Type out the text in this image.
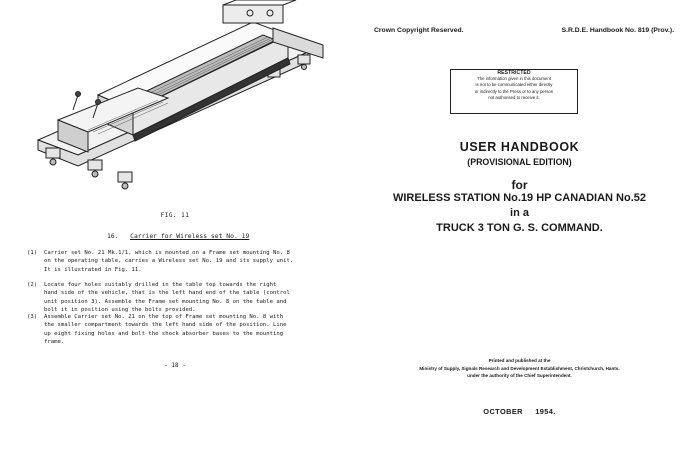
FIG. 11
16. Carrier for Wireless set No. 19
(1) Carrier set No. 21 Mk.1/1, which is mounted on a Frame set mounting No. 8
on the operating table, carries a Wireless set No. 19 and its supply unit.
It is illustrated in Fig. 11.
(2) Locate four holes suitably drilled in the table top towards the right
hand side of the vehicle, that is the left hand end of the table (control
unit position 3). Assemble the Frame set mounting No. 8 on the table and
bolt it in position using the bolts provided.
(3) Assemble Carrier set No. 21 on the top of Frame set mounting No. 8 with
the smaller compartment towards the left hand side of the position. Line
up eight fixing holes and bolt the shock absorber bases to the mounting
frame.
- 18 -
Crown Copyright Reserved.	S.R.D.E. Handbook No. 819 (Prov.).
RESTRICTED
The information given in this document
is not to be communicated either directly
or indirectly to the Press or to any person
not authorised to receive it.
USER HANDBOOK
(PROVISIONAL EDITION)
for
WIRELESS STATION No.19 HP CANADIAN No.52
in a
TRUCK 3 TON G. S. COMMAND.
Printed and published at the
Ministry of Supply, Signals Research and Development Establishment, Christchurch, Hants.
under the authority of the Chief Superintendent.
OCTOBER 1954.
